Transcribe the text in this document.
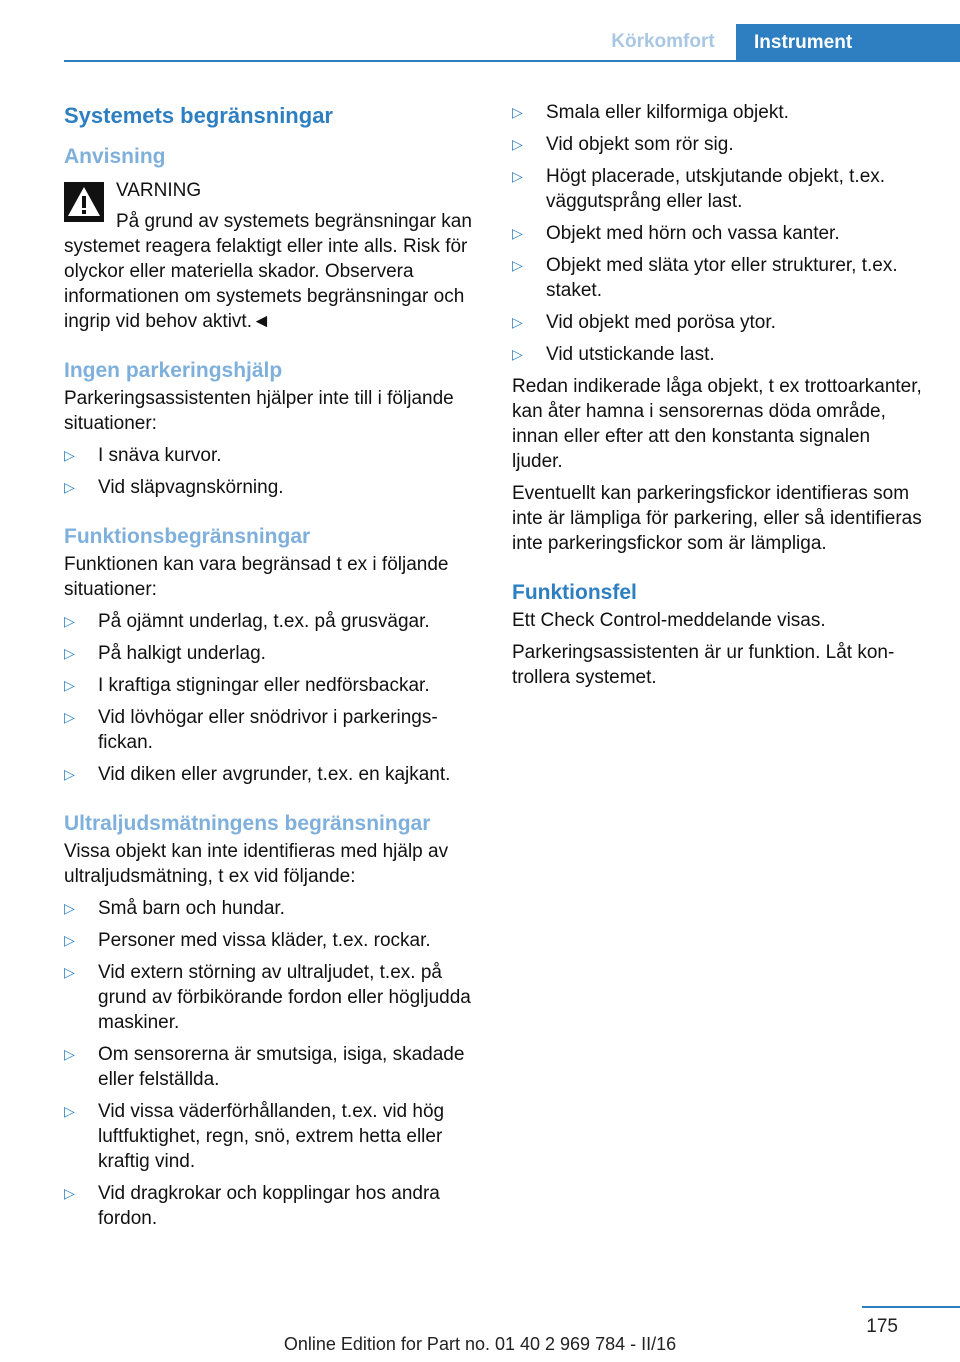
Körkomfort	Instrument
Systemets begränsningar
Anvisning
VARNING
På grund av systemets begränsningar kan systemet reagera felaktigt eller inte alls. Risk för olyckor eller materiella skador. Observera informationen om systemets begränsningar och ingrip vid behov aktivt.◄
Ingen parkeringshjälp

Parkeringsassistenten hjälper inte till i följande situationer:

▷ I snäva kurvor.
▷ Vid släpvagnskörning.
Funktionsbegränsningar

Funktionen kan vara begränsad t ex i följande situationer:

▷ På ojämnt underlag, t.ex. på grusvägar.
▷ På halkigt underlag.
▷ I kraftiga stigningar eller nedförsbackar.
▷ Vid lövhögar eller snödrivor i parkeringsfickan.
▷ Vid diken eller avgrunder, t.ex. en kajkant.
Ultraljudsmätningens begränsningar

Vissa objekt kan inte identifieras med hjälp av ultraljudsmätning, t ex vid följande:

▷ Små barn och hundar.
▷ Personer med vissa kläder, t.ex. rockar.
▷ Vid extern störning av ultraljudet, t.ex. på grund av förbikörande fordon eller högljudda maskiner.
▷ Om sensorerna är smutsiga, isiga, skadade eller felställda.
▷ Vid vissa väderförhållanden, t.ex. vid hög luftfuktighet, regn, snö, extrem hetta eller kraftig vind.
▷ Vid dragkrokar och kopplingar hos andra fordon.
▷ Smala eller kilformiga objekt.
▷ Vid objekt som rör sig.
▷ Högt placerade, utskjutande objekt, t.ex. väggutsprång eller last.
▷ Objekt med hörn och vassa kanter.
▷ Objekt med släta ytor eller strukturer, t.ex. staket.
▷ Vid objekt med porösa ytor.
▷ Vid utstickande last.

Redan indikerade låga objekt, t ex trottoarkanter, kan åter hamna i sensorernas döda område, innan eller efter att den konstanta signalen ljuder.

Eventuellt kan parkeringsfickor identifieras som inte är lämpliga för parkering, eller så identifieras inte parkeringsfickor som är lämpliga.

Funktionsfel

Ett Check Control-meddelande visas.

Parkeringsassistenten är ur funktion. Låt kontrollera systemet.

175
Online Edition for Part no. 01 40 2 969 784 - II/16
